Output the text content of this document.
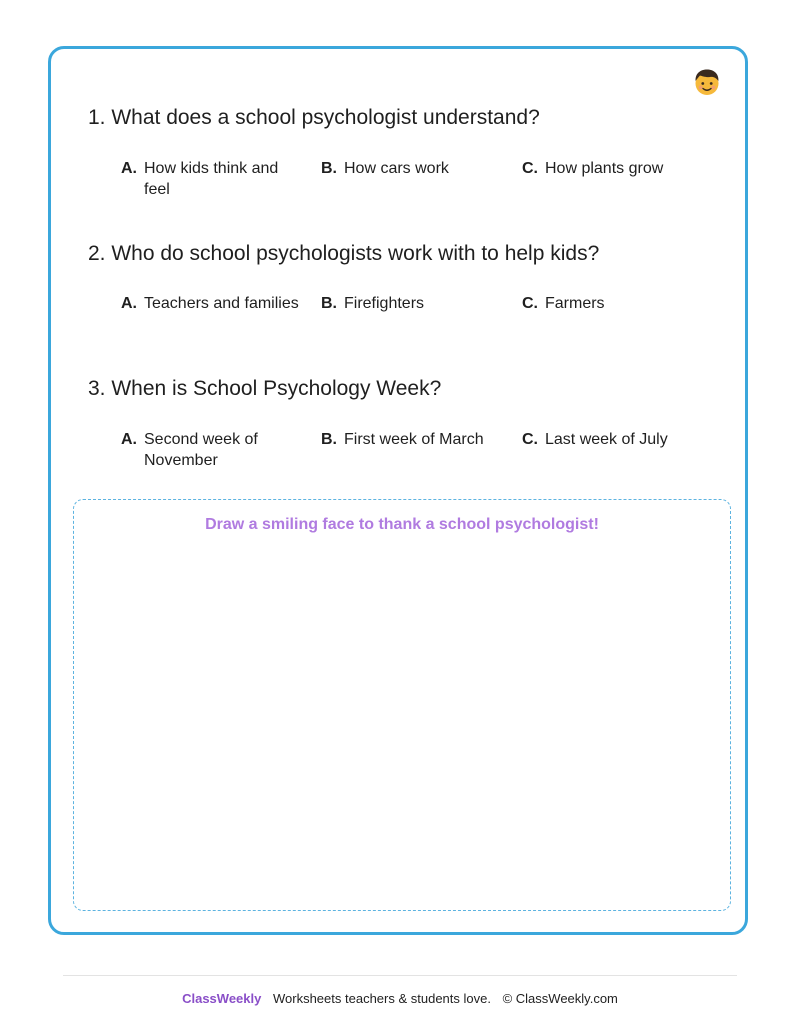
1. What does a school psychologist understand?
A. How kids think and feel
B. How cars work	C. How plants grow
2. Who do school psychologists work with to help kids?
A. Teachers and families B. Firefighters	C. Farmers
3. When is School Psychology Week?
A. Second week of November
B. First week of March	C. Last week of July
Draw a smiling face to thank a school psychologist!
ClassWeekly Worksheets teachers & students love. © ClassWeekly.com
